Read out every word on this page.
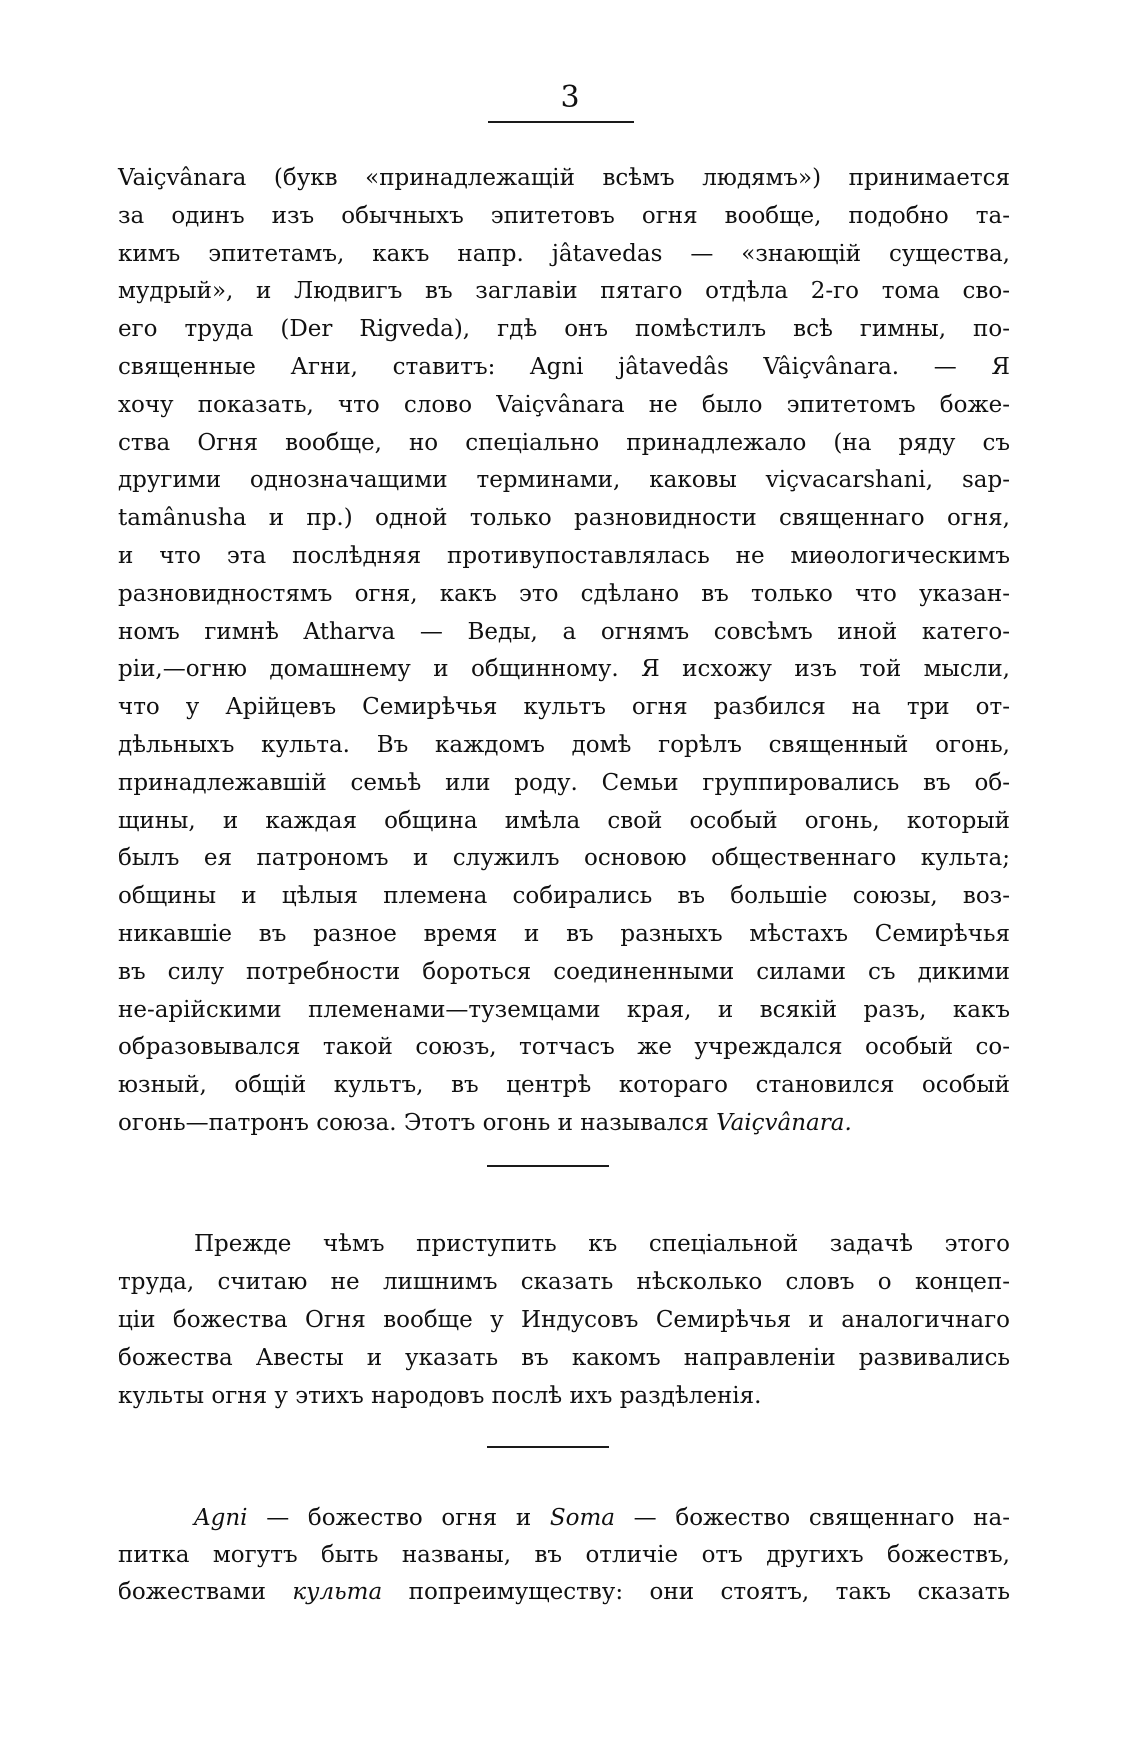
3
Vaiçvânara (букв «принадлежащій всѣмъ людямъ») принимается
за одинъ изъ обычныхъ эпитетовъ огня вообще, подобно та-
кимъ эпитетамъ, какъ напр. jâtavedas — «знающій существа,
мудрый», и Людвигъ въ заглавіи пятаго отдѣла 2-го тома сво-
его труда (Der Rigveda), гдѣ онъ помѣстилъ всѣ гимны, по-
священные Агни, ставитъ: Agni jâtavedâs Vâiçvânara. — Я
хочу показать, что слово Vaiçvânara не было эпитетомъ боже-
ства Огня вообще, но спеціально принадлежало (на ряду съ
другими однозначащими терминами, каковы viçvacarshani, sap-
tamânusha и пр.) одной только разновидности священнаго огня,
и что эта послѣдняя противупоставлялась не миѳологическимъ
разновидностямъ огня, какъ это сдѣлано въ только что указан-
номъ гимнѣ Atharva — Веды, а огнямъ совсѣмъ иной катего-
ріи,—огню домашнему и общинному. Я исхожу изъ той мысли,
что у Арійцевъ Семирѣчья культъ огня разбился на три от-
дѣльныхъ культа. Въ каждомъ домѣ горѣлъ священный огонь,
принадлежавшій семьѣ или роду. Семьи группировались въ об-
щины, и каждая община имѣла свой особый огонь, который
былъ ея патрономъ и служилъ основою общественнаго культа;
общины и цѣлыя племена собирались въ большіе союзы, воз-
никавшіе въ разное время и въ разныхъ мѣстахъ Семирѣчья
въ силу потребности бороться соединенными силами съ дикими
не-арійскими племенами—туземцами края, и всякій разъ, какъ
образовывался такой союзъ, тотчасъ же учреждался особый со-
юзный, общій культъ, въ центрѣ котораго становился особый
огонь—патронъ союза. Этотъ огонь и назывался Vaiçvânara.
Прежде чѣмъ приступить къ спеціальной задачѣ этого
труда, считаю не лишнимъ сказать нѣсколько словъ о концеп-
ціи божества Огня вообще у Индусовъ Семирѣчья и аналогичнаго
божества Авесты и указать въ какомъ направленіи развивались
культы огня у этихъ народовъ послѣ ихъ раздѣленія.
Agni — божество огня и Soma — божество священнаго на-
питка могутъ быть названы, въ отличіе отъ другихъ божествъ,
божествами культа попреимуществу: они стоятъ, такъ сказать
